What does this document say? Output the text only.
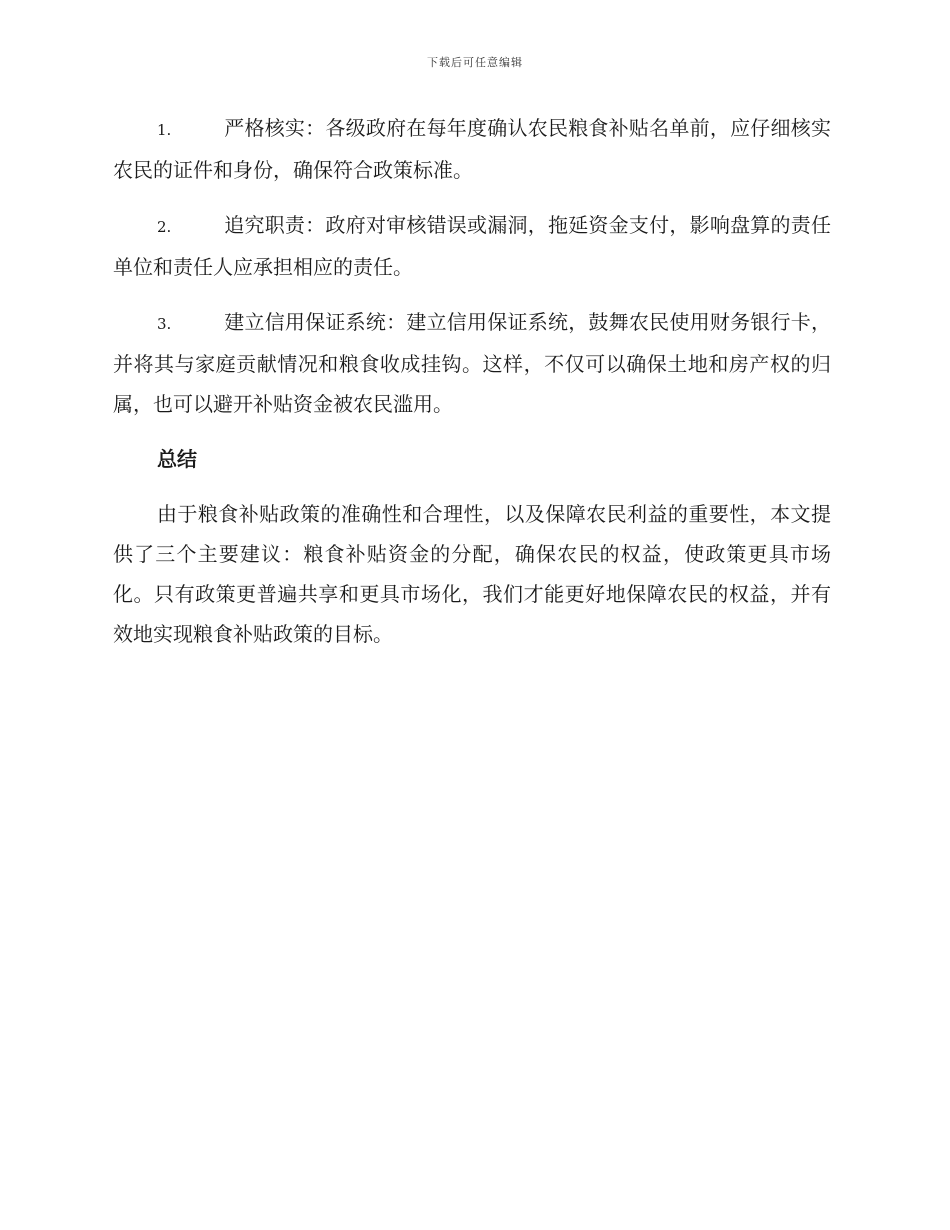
下载后可任意编辑

1.	严格核实：各级政府在每年度确认农民粮食补贴名单前，应仔细核实农民的证件和身份，确保符合政策标准。

2.	追究职责：政府对审核错误或漏洞，拖延资金支付，影响盘算的责任单位和责任人应承担相应的责任。

3.	建立信用保证系统：建立信用保证系统，鼓舞农民使用财务银行卡，并将其与家庭贡献情况和粮食收成挂钩。这样，不仅可以确保土地和房产权的归属，也可以避开补贴资金被农民滥用。

总结

由于粮食补贴政策的准确性和合理性，以及保障农民利益的重要性，本文提供了三个主要建议：粮食补贴资金的分配，确保农民的权益，使政策更具市场化。只有政策更普遍共享和更具市场化，我们才能更好地保障农民的权益，并有效地实现粮食补贴政策的目标。
